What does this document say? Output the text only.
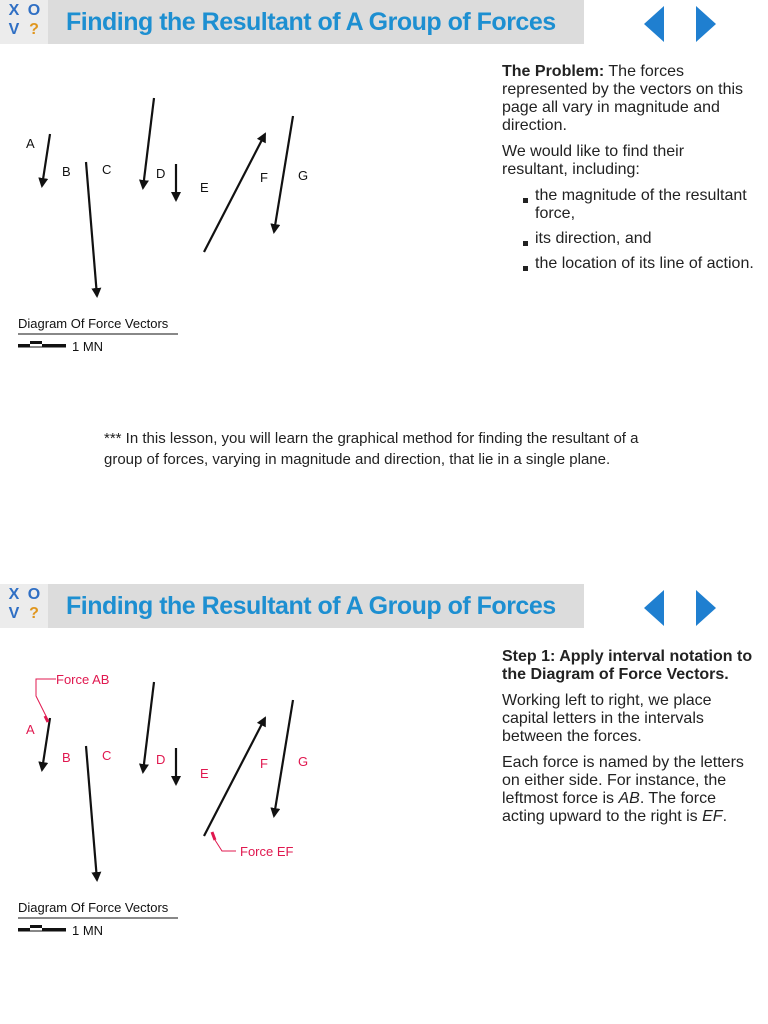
X O
V ? Finding the Resultant of A Group of Forces
A
B C	D
E
F G
Diagram Of Force Vectors
1 MN

The Problem: The forces represented by the vectors on this page all vary in magnitude and direction.

We would like to find their resultant, including:

the magnitude of the resultant force,
its direction, and
the location of its line of action.
*** In this lesson, you will learn the graphical method for finding the resultant of a group of forces, varying in magnitude and direction, that lie in a single plane.
X O
V ? Finding the Resultant of A Group of Forces
Force AB
Force EF
A
B C	D
E
F G
Diagram Of Force Vectors
1 MN
Step 1: Apply interval notation to the Diagram of Force Vectors.

Working left to right, we place capital letters in the intervals between the forces.

Each force is named by the letters on either side. For instance, the leftmost force is AB. The force acting upward to the right is EF.
